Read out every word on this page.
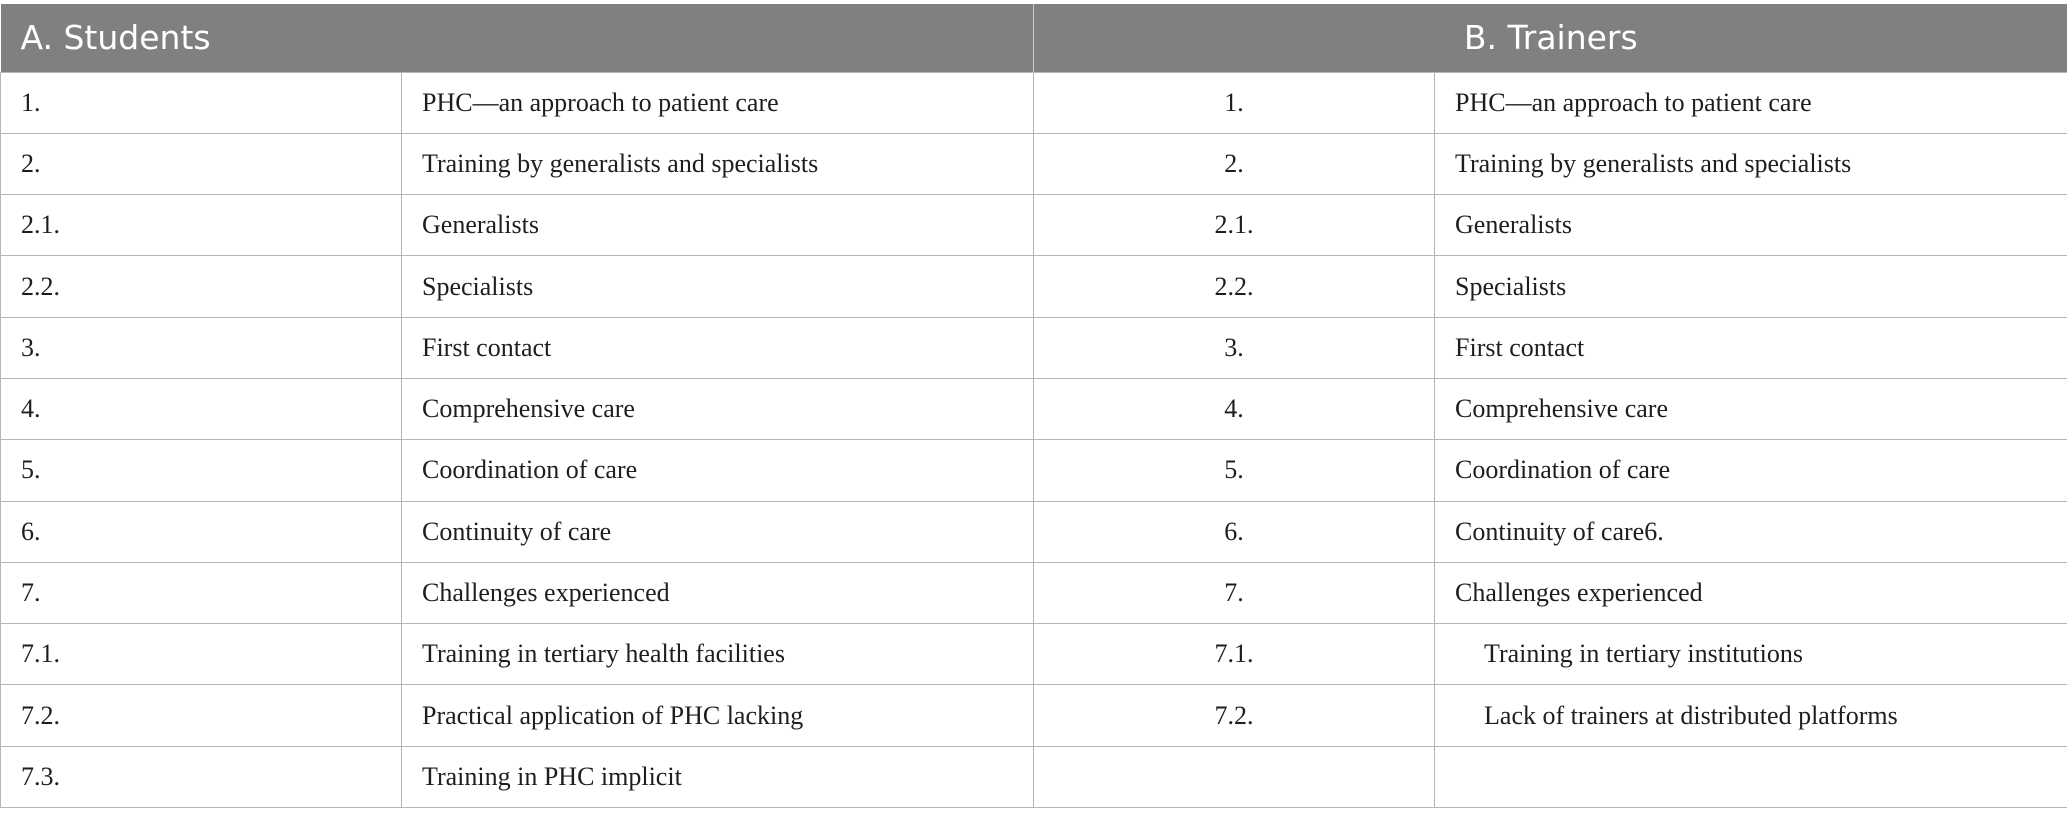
A. Students		B. Trainers	
1.	PHC—an approach to patient care	1.	PHC—an approach to patient care
2.	Training by generalists and specialists	2.	Training by generalists and specialists
2.1.	Generalists	2.1.	Generalists
2.2.	Specialists	2.2.	Specialists
3.	First contact	3.	First contact
4.	Comprehensive care	4.	Comprehensive care
5.	Coordination of care	5.	Coordination of care
6.	Continuity of care	6.	Continuity of care6.
7.	Challenges experienced	7.	Challenges experienced
7.1.	Training in tertiary health facilities	7.1.	Training in tertiary institutions
7.2.	Practical application of PHC lacking	7.2.	Lack of trainers at distributed platforms
7.3.	Training in PHC implicit		
